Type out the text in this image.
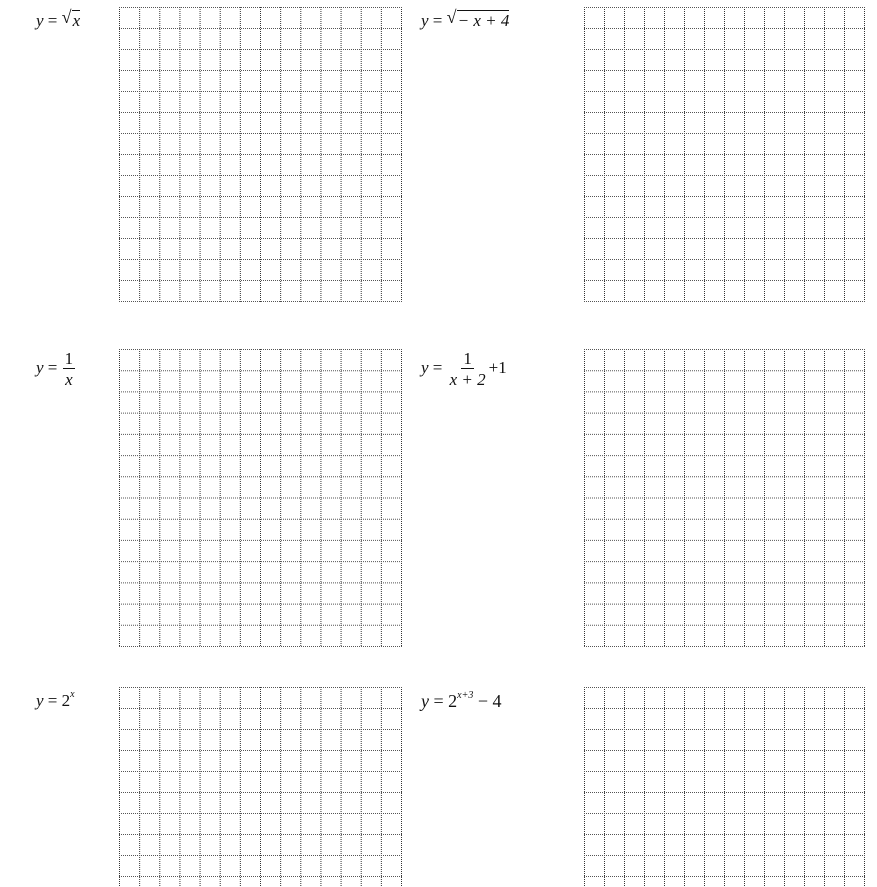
y = √ x	y = √ − x + 4
$y = \frac{1}{x}$	$y = \frac{1}{x + 2} +1$
$y = 2^x$	$y = 2^{x+3} - 4$
